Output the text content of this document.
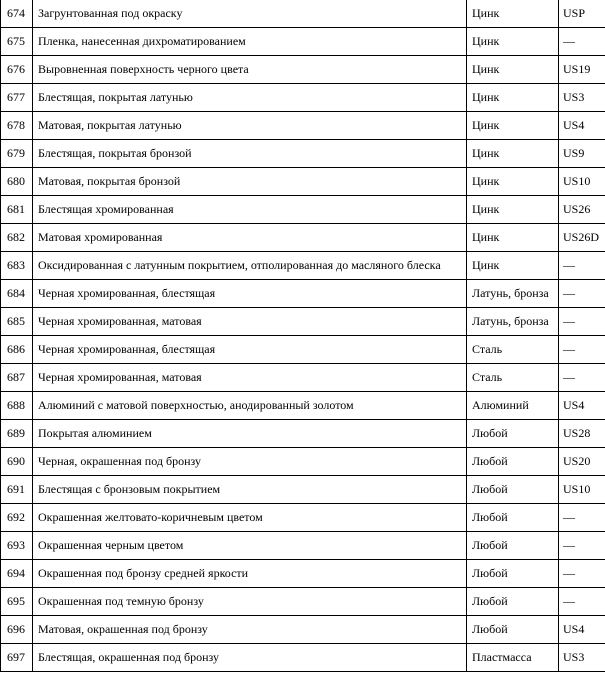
674	Загрунтованная под окраску	Цинк	USP
675	Пленка, нанесенная дихроматированием	Цинк	—
676	Выровненная поверхность черного цвета	Цинк	US19
677	Блестящая, покрытая латунью	Цинк	US3
678	Матовая, покрытая латунью	Цинк	US4
679	Блестящая, покрытая бронзой	Цинк	US9
680	Матовая, покрытая бронзой	Цинк	US10
681	Блестящая хромированная	Цинк	US26
682	Матовая хромированная	Цинк	US26D
683	Оксидированная с латунным покрытием, отполированная до масляного блеска	Цинк	—
684	Черная хромированная, блестящая	Латунь, бронза	—
685	Черная хромированная, матовая	Латунь, бронза	—
686	Черная хромированная, блестящая	Сталь	—
687	Черная хромированная, матовая	Сталь	—
688	Алюминий с матовой поверхностью, анодированный золотом	Алюминий	US4
689	Покрытая алюминием	Любой	US28
690	Черная, окрашенная под бронзу	Любой	US20
691	Блестящая с бронзовым покрытием	Любой	US10
692	Окрашенная желтовато-коричневым цветом	Любой	—
693	Окрашенная черным цветом	Любой	—
694	Окрашенная под бронзу средней яркости	Любой	—
695	Окрашенная под темную бронзу	Любой	—
696	Матовая, окрашенная под бронзу	Любой	US4
697	Блестящая, окрашенная под бронзу	Пластмасса	US3
